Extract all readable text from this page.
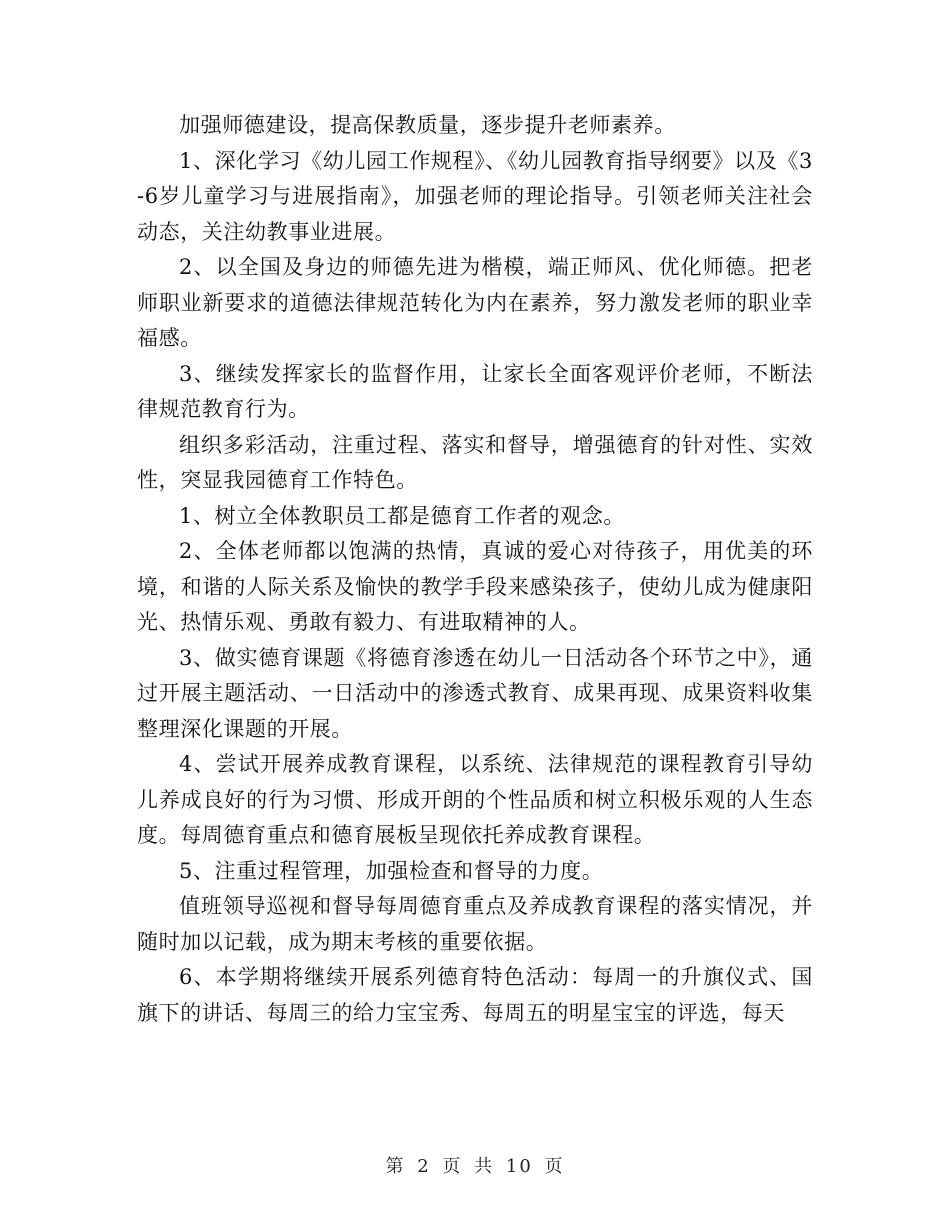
加强师德建设，提高保教质量，逐步提升老师素养。

1、深化学习《幼儿园工作规程》、《幼儿园教育指导纲要》以及《3-6岁儿童学习与进展指南》，加强老师的理论指导。引领老师关注社会动态，关注幼教事业进展。

2、以全国及身边的师德先进为楷模，端正师风、优化师德。把老师职业新要求的道德法律规范转化为内在素养，努力激发老师的职业幸福感。

3、继续发挥家长的监督作用，让家长全面客观评价老师，不断法律规范教育行为。

组织多彩活动，注重过程、落实和督导，增强德育的针对性、实效性，突显我园德育工作特色。

1、树立全体教职员工都是德育工作者的观念。

2、全体老师都以饱满的热情，真诚的爱心对待孩子，用优美的环境，和谐的人际关系及愉快的教学手段来感染孩子，使幼儿成为健康阳光、热情乐观、勇敢有毅力、有进取精神的人。

3、做实德育课题《将德育渗透在幼儿一日活动各个环节之中》，通过开展主题活动、一日活动中的渗透式教育、成果再现、成果资料收集整理深化课题的开展。

4、尝试开展养成教育课程，以系统、法律规范的课程教育引导幼儿养成良好的行为习惯、形成开朗的个性品质和树立积极乐观的人生态度。每周德育重点和德育展板呈现依托养成教育课程。

5、注重过程管理，加强检查和督导的力度。

值班领导巡视和督导每周德育重点及养成教育课程的落实情况，并随时加以记载，成为期末考核的重要依据。

6、本学期将继续开展系列德育特色活动：每周一的升旗仪式、国旗下的讲话、每周三的给力宝宝秀、每周五的明星宝宝的评选，每天

第 2 页 共 10 页
